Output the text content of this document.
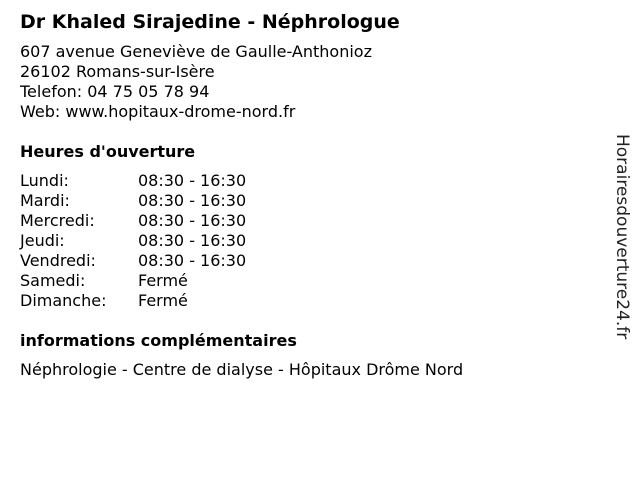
Dr Khaled Sirajedine - Néphrologue
607 avenue Geneviève de Gaulle-Anthonioz
26102 Romans-sur-Isère
Telefon: 04 75 05 78 94
Web: www.hopitaux-drome-nord.fr
Heures d'ouverture
Lundi:	08:30 - 16:30
Mardi:	08:30 - 16:30
Mercredi:	08:30 - 16:30
Jeudi:	08:30 - 16:30
Vendredi:	08:30 - 16:30
Samedi:	Fermé
Dimanche: Fermé
informations complémentaires
Néphrologie - Centre de dialyse - Hôpitaux Drôme Nord
Horairesdouverture24.fr
